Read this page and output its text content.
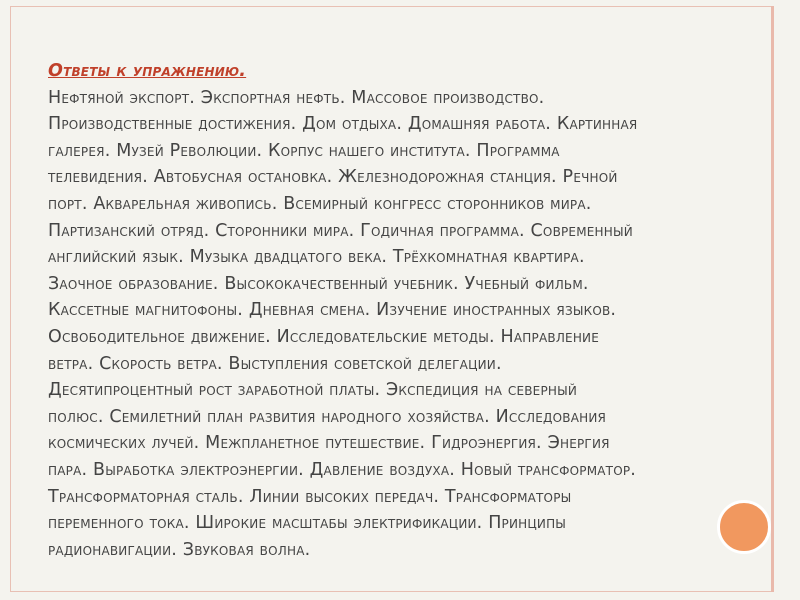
Ответы к упражнению.
Нефтяной экспорт. Экспортная нефть. Массовое производство.
Производственные достижения. Дом отдыха. Домашняя работа. Картинная
галерея. Музей Революции. Корпус нашего института. Программа
телевидения. Автобусная остановка. Железнодорожная станция. Речной
порт. Акварельная живопись. Всемирный конгресс сторонников мира.
Партизанский отряд. Сторонники мира. Годичная программа. Современный
английский язык. Музыка двадцатого века. Трёхкомнатная квартира.
Заочное образование. Высококачественный учебник. Учебный фильм.
Кассетные магнитофоны. Дневная смена. Изучение иностранных языков.
Освободительное движение. Исследовательские методы. Направление
ветра. Скорость ветра. Выступления советской делегации.
Десятипроцентный рост заработной платы. Экспедиция на северный
полюс. Семилетний план развития народного хозяйства. Исследования
космических лучей. Межпланетное путешествие. Гидроэнергия. Энергия
пара. Выработка электроэнергии. Давление воздуха. Новый трансформатор.
Трансформаторная сталь. Линии высоких передач. Трансформаторы
переменного тока. Широкие масштабы электрификации. Принципы
радионавигации. Звуковая волна.
